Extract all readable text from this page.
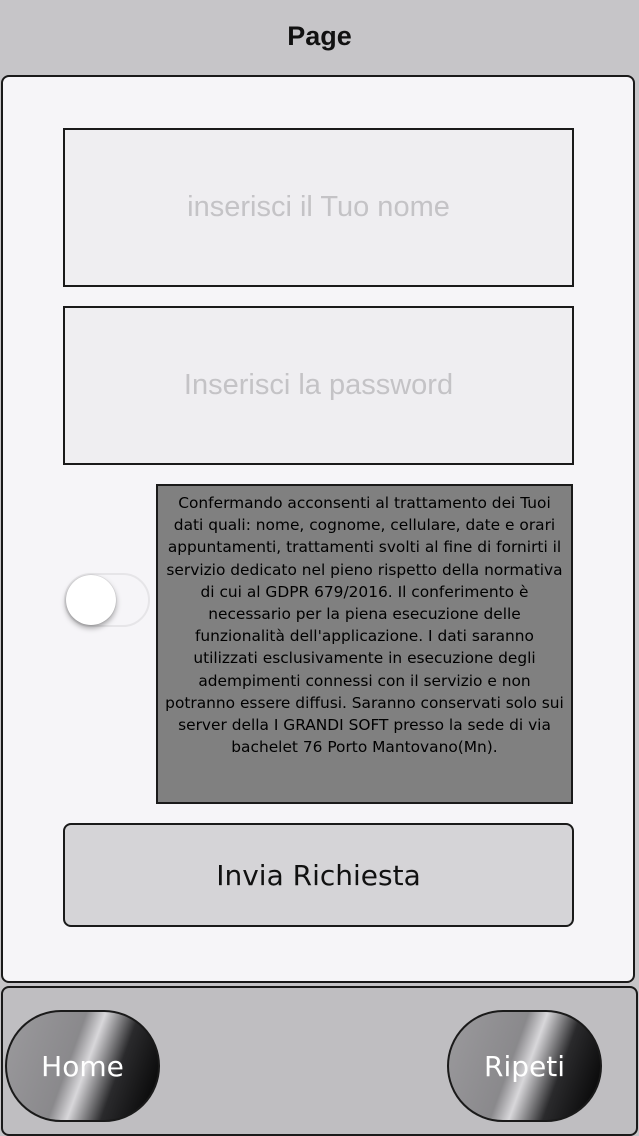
Page
inserisci il Tuo nome
Inserisci la password
Confermando acconsenti al trattamento dei Tuoi dati quali: nome, cognome, cellulare, date e orari appuntamenti, trattamenti svolti al fine di fornirti il servizio dedicato nel pieno rispetto della normativa di cui al GDPR 679/2016. Il conferimento è necessario per la piena esecuzione delle funzionalità dell'applicazione. I dati saranno utilizzati esclusivamente in esecuzione degli adempimenti connessi con il servizio e non potranno essere diffusi. Saranno conservati solo sui server della I GRANDI SOFT presso la sede di via bachelet 76 Porto Mantovano(Mn).
Invia Richiesta
Home	Ripeti
